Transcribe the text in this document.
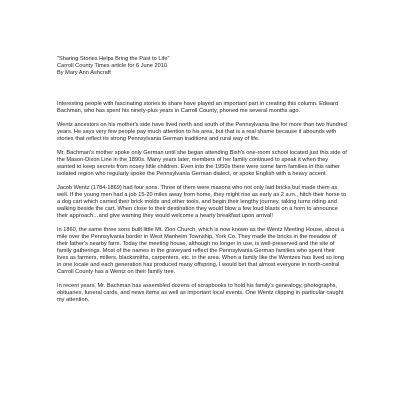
"Sharing Stories Helps Bring the Past to Life"

Carroll County Times article for 6 June 2010

By Mary Ann Ashcraft

Interesting people with fascinating stories to share have played an important part in creating this column. Edward Bachman, who has spent his ninety-plus years in Carroll County, phoned me several months ago.

Wentz ancestors on his mother's side have lived north and south of the Pennsylvania line for more than two hundred years. He says very few people pay much attention to his area, but that is a real shame because it abounds with stories that reflect its strong Pennsylvania German traditions and rural way of life.

Mr. Bachman's mother spoke only German until she began attending Bish's one-room school located just this side of the Mason-Dixon Line in the 1890s. Many years later, members of her family continued to speak it when they wanted to keep secrets from nosey little children. Even into the 1950s there were some farm families in this rather isolated region who regularly spoke the Pennsylvania German dialect, or spoke English with a heavy accent.

Jacob Wentz (1784-1869) had four sons. Three of them were masons who not only laid bricks but made them as well. If the young men had a job 15-20 miles away from home, they might rise as early as 2 a.m., hitch their horse to a dog cart which carried their brick molds and other tools, and begin their lengthy journey, taking turns riding and walking beside the cart. When close to their destination they would blow a few loud blasts on a horn to announce their approach…and give warning they would welcome a hearty breakfast upon arrival!

In 1860, the same three sons built little Mt. Zion Church, which is now known as the Wentz Meeting House, about a mile over the Pennsylvania border in West Manheim Township, York Co. They made the bricks in the meadow of their father's nearby farm. Today the meeting house, although no longer in use, is well-preserved and the site of family gatherings. Most of the names in the graveyard reflect the Pennsylvania German families who spent their lives as farmers, millers, blacksmiths, carpenters, etc. in the area. When a family like the Wentzes has lived so long in one locale and each generation has produced many offspring, I would bet that almost everyone in north-central Carroll County has a Wentz on their family tree.

In recent years, Mr. Bachman has assembled dozens of scrapbooks to hold his family's genealogy, photographs, obituaries, funeral cards, and news items as well as important local events. One Wentz clipping in particular caught my attention.
